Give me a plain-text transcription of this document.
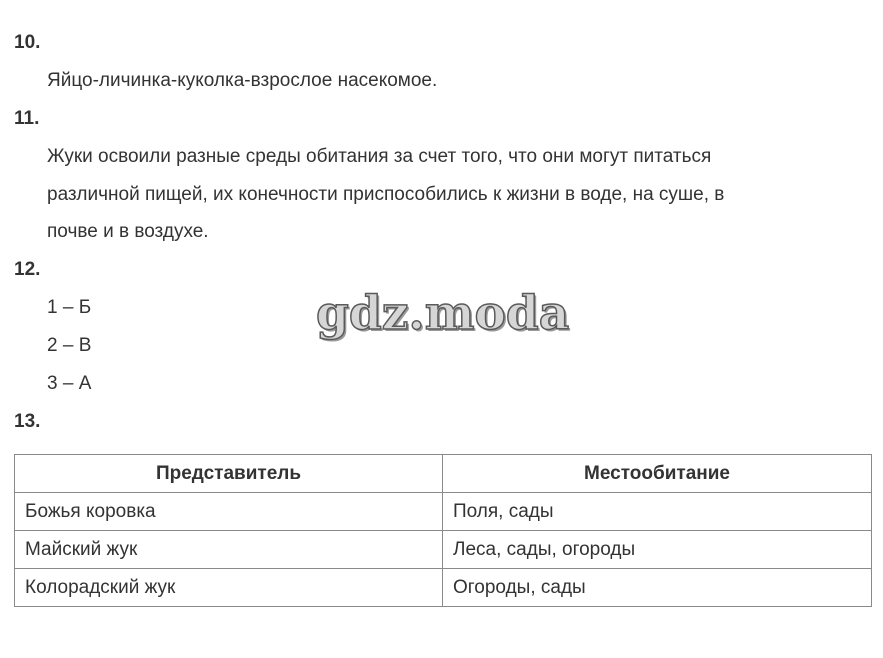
10.
Яйцо-личинка-куколка-взрослое насекомое.
11.
Жуки освоили разные среды обитания за счет того, что они могут питаться
различной пищей, их конечности приспособились к жизни в воде, на суше, в
почве и в воздухе.
12.
1 – Б
2 – В
3 – А
gdz.moda
13.
Представитель	Местообитание
Божья коровка	Поля, сады
Майский жук	Леса, сады, огороды
Колорадский жук	Огороды, сады
